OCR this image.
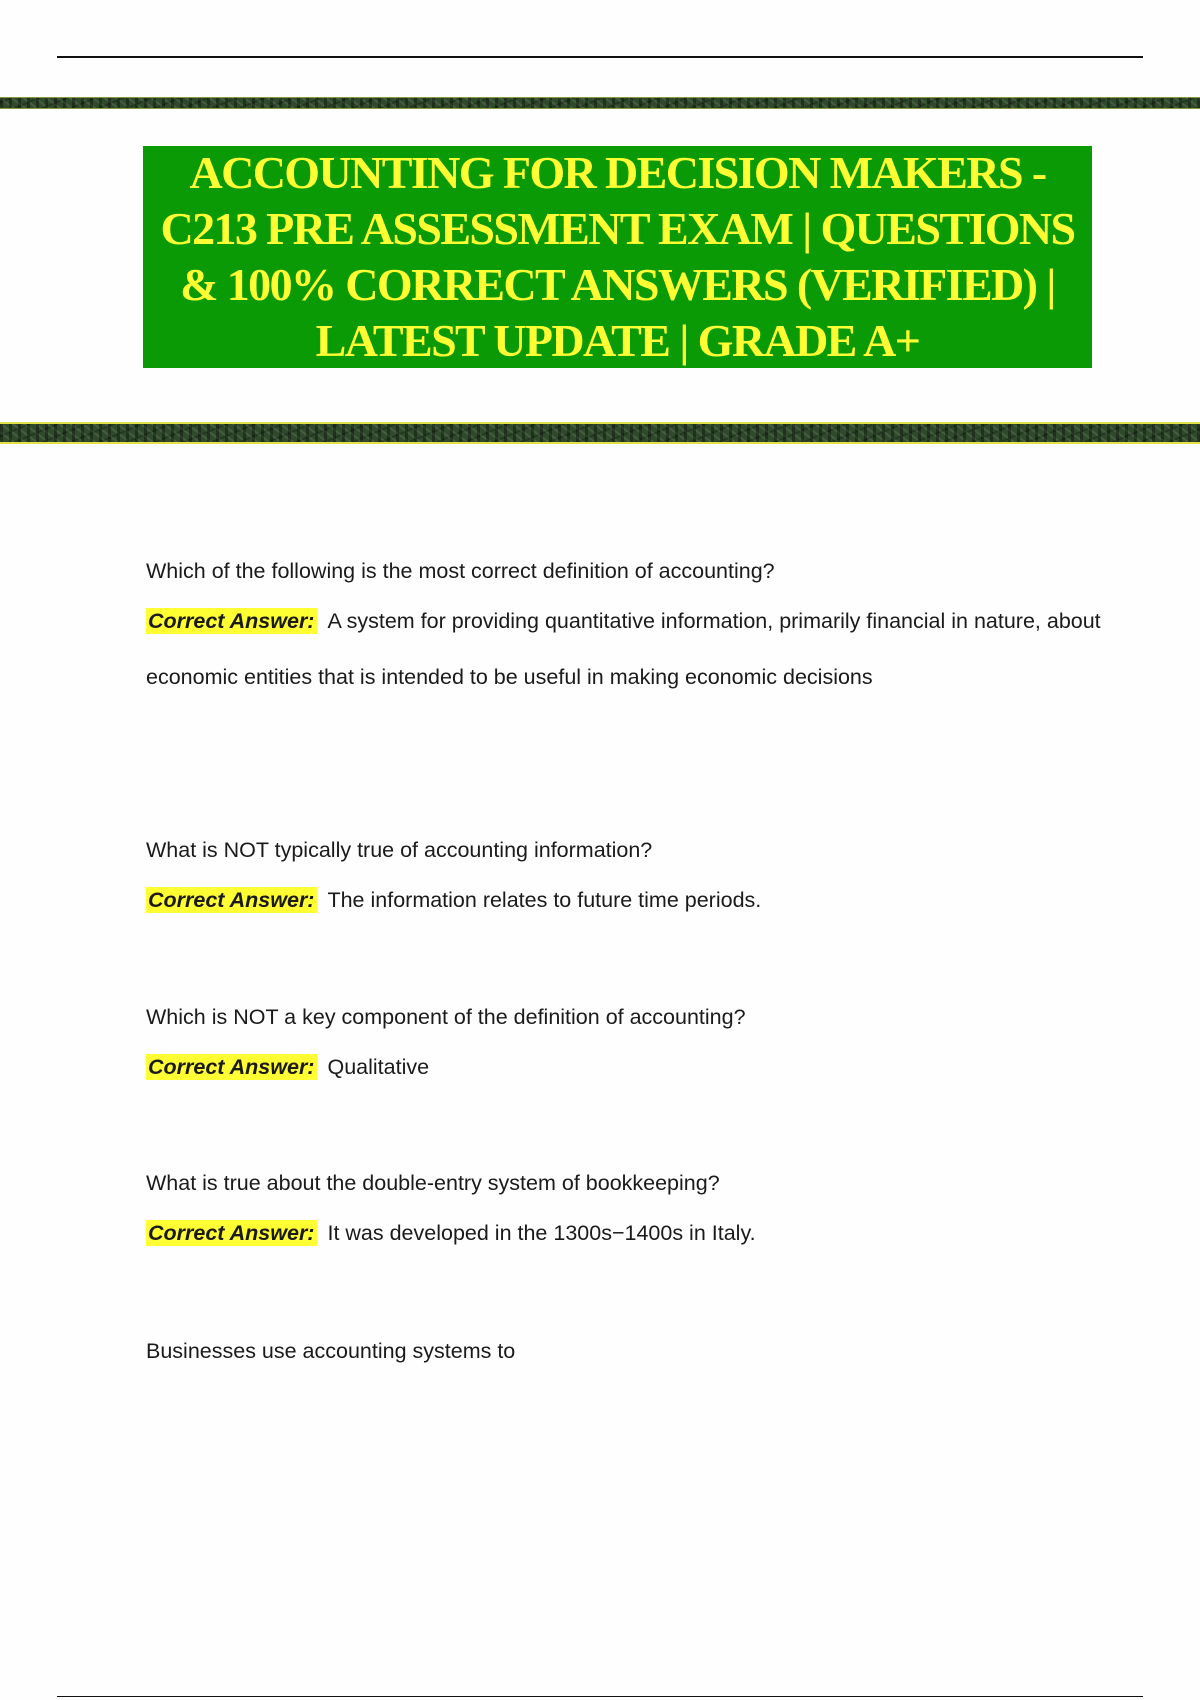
ACCOUNTING FOR DECISION MAKERS - C213 PRE ASSESSMENT EXAM | QUESTIONS & 100% CORRECT ANSWERS (VERIFIED) | LATEST UPDATE | GRADE A+

Which of the following is the most correct definition of accounting?

Correct Answer: A system for providing quantitative information, primarily financial in nature, about economic entities that is intended to be useful in making economic decisions

What is NOT typically true of accounting information?

Correct Answer: The information relates to future time periods.

Which is NOT a key component of the definition of accounting?

Correct Answer: Qualitative

What is true about the double-entry system of bookkeeping?

Correct Answer: It was developed in the 1300s−1400s in Italy.

Businesses use accounting systems to
